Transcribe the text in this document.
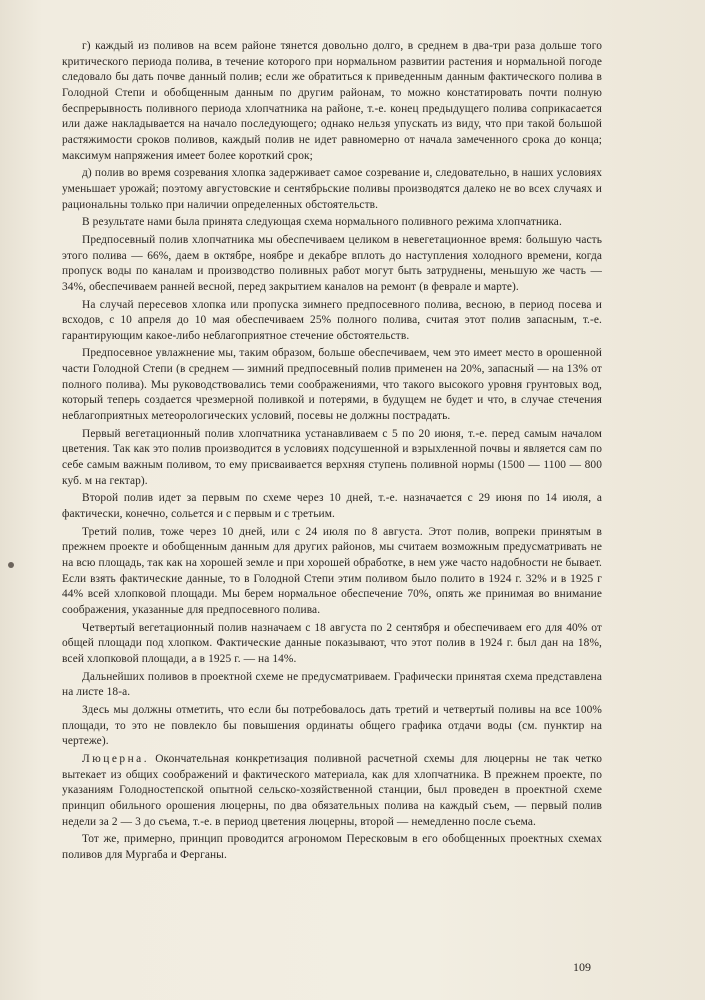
г) каждый из поливов на всем районе тянется довольно долго, в среднем в два-три раза дольше того критического периода полива, в течение которого при нормальном развитии растения и нормальной погоде следовало бы дать почве данный полив; если же обратиться к приведенным данным фактического полива в Голодной Степи и обобщенным данным по другим районам, то можно констатировать почти полную беспрерывность поливного периода хлопчатника на районе, т.-е. конец предыдущего полива соприкасается или даже накладывается на начало последующего; однако нельзя упускать из виду, что при такой большой растяжимости сроков поливов, каждый полив не идет равномерно от начала замеченного срока до конца; максимум напряжения имеет более короткий срок;

д) полив во время созревания хлопка задерживает самое созревание и, следовательно, в наших условиях уменьшает урожай; поэтому августовские и сентябрьские поливы производятся далеко не во всех случаях и рациональны только при наличии определенных обстоятельств.

В результате нами была принята следующая схема нормального поливного режима хлопчатника.

Предпосевный полив хлопчатника мы обеспечиваем целиком в невегетационное время: большую часть этого полива — 66%, даем в октябре, ноябре и декабре вплоть до наступления холодного времени, когда пропуск воды по каналам и производство поливных работ могут быть затруднены, меньшую же часть — 34%, обеспечиваем ранней весной, перед закрытием каналов на ремонт (в феврале и марте).

На случай пересевов хлопка или пропуска зимнего предпосевного полива, весною, в период посева и всходов, с 10 апреля до 10 мая обеспечиваем 25% полного полива, считая этот полив запасным, т.-е. гарантирующим какое-либо неблагоприятное стечение обстоятельств.

Предпосевное увлажнение мы, таким образом, больше обеспечиваем, чем это имеет место в орошенной части Голодной Степи (в среднем — зимний предпосевный полив применен на 20%, запасный — на 13% от полного полива). Мы руководствовались теми соображениями, что такого высокого уровня грунтовых вод, который теперь создается чрезмерной поливкой и потерями, в будущем не будет и что, в случае стечения неблагоприятных метеорологических условий, посевы не должны пострадать.

Первый вегетационный полив хлопчатника устанавливаем с 5 по 20 июня, т.-е. перед самым началом цветения. Так как это полив производится в условиях подсушенной и взрыхленной почвы и является сам по себе самым важным поливом, то ему присваивается верхняя ступень поливной нормы (1500 — 1100 — 800 куб. м на гектар).

Второй полив идет за первым по схеме через 10 дней, т.-е. назначается с 29 июня по 14 июля, а фактически, конечно, сольется и с первым и с третьим.

Третий полив, тоже через 10 дней, или с 24 июля по 8 августа. Этот полив, вопреки принятым в прежнем проекте и обобщенным данным для других районов, мы считаем возможным предусматривать не на всю площадь, так как на хорошей земле и при хорошей обработке, в нем уже часто надобности не бывает. Если взять фактические данные, то в Голодной Степи этим поливом было полито в 1924 г. 32% и в 1925 г 44% всей хлопковой площади. Мы берем нормальное обеспечение 70%, опять же принимая во внимание соображения, указанные для предпосевного полива.

Четвертый вегетационный полив назначаем с 18 августа по 2 сентября и обеспечиваем его для 40% от общей площади под хлопком. Фактические данные показывают, что этот полив в 1924 г. был дан на 18%, всей хлопковой площади, а в 1925 г. — на 14%.

Дальнейших поливов в проектной схеме не предусматриваем. Графически принятая схема представлена на листе 18-а.

Здесь мы должны отметить, что если бы потребовалось дать третий и четвертый поливы на все 100% площади, то это не повлекло бы повышения ординаты общего графика отдачи воды (см. пунктир на чертеже).

Люцерна. Окончательная конкретизация поливной расчетной схемы для люцерны не так четко вытекает из общих соображений и фактического материала, как для хлопчатника. В прежнем проекте, по указаниям Голодностепской опытной сельско-хозяйственной станции, был проведен в проектной схеме принцип обильного орошения люцерны, по два обязательных полива на каждый съем, — первый полив недели за 2 — 3 до съема, т.-е. в период цветения люцерны, второй — немедленно после съема.

Тот же, примерно, принцип проводится агрономом Пересковым в его обобщенных проектных схемах поливов для Мургаба и Ферганы.

109
